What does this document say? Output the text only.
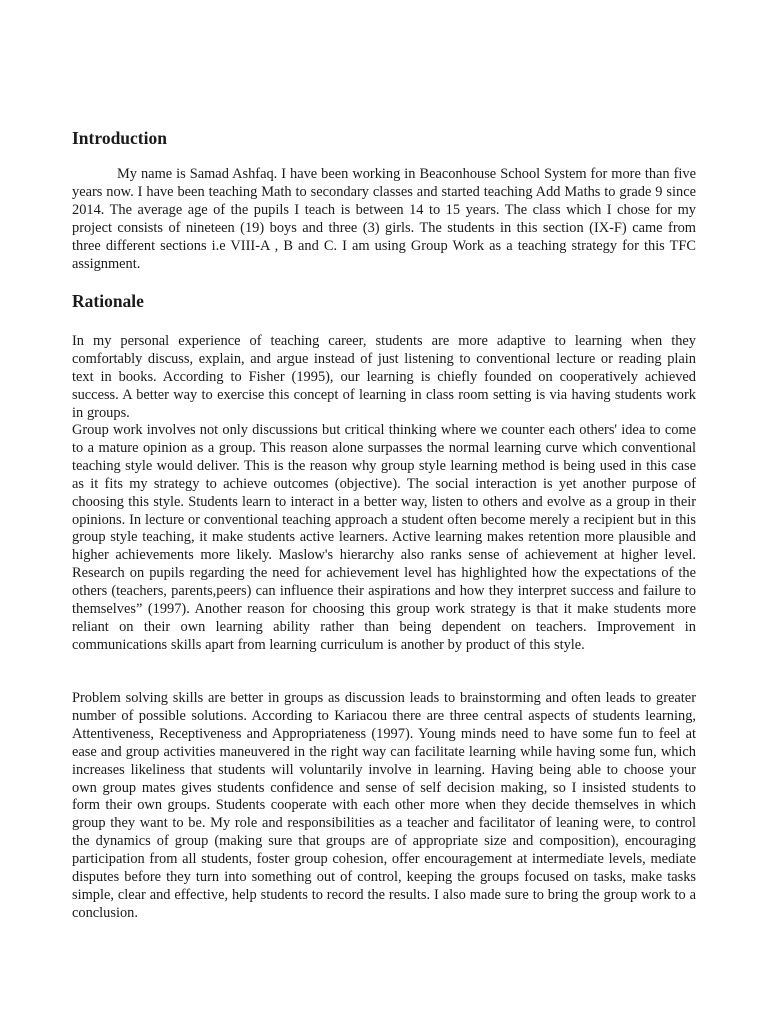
Introduction

My name is Samad Ashfaq. I have been working in Beaconhouse School System for more than five years now. I have been teaching Math to secondary classes and started teaching Add Maths to grade 9 since 2014. The average age of the pupils I teach is between 14 to 15 years. The class which I chose for my project consists of nineteen (19) boys and three (3) girls. The students in this section (IX-F) came from three different sections i.e VIII-A , B and C. I am using Group Work as a teaching strategy for this TFC assignment.

Rationale

In my personal experience of teaching career, students are more adaptive to learning when they comfortably discuss, explain, and argue instead of just listening to conventional lecture or reading plain text in books. According to Fisher (1995), our learning is chiefly founded on cooperatively achieved success. A better way to exercise this concept of learning in class room setting is via having students work in groups.

Group work involves not only discussions but critical thinking where we counter each others' idea to come to a mature opinion as a group. This reason alone surpasses the normal learning curve which conventional teaching style would deliver. This is the reason why group style learning method is being used in this case as it fits my strategy to achieve outcomes (objective). The social interaction is yet another purpose of choosing this style. Students learn to interact in a better way, listen to others and evolve as a group in their opinions. In lecture or conventional teaching approach a student often become merely a recipient but in this group style teaching, it make students active learners. Active learning makes retention more plausible and higher achievements more likely. Maslow's hierarchy also ranks sense of achievement at higher level. Research on pupils regarding the need for achievement level has highlighted how the expectations of the others (teachers, parents,peers) can influence their aspirations and how they interpret success and failure to themselves” (1997). Another reason for choosing this group work strategy is that it make students more reliant on their own learning ability rather than being dependent on teachers. Improvement in communications skills apart from learning curriculum is another by product of this style.

Problem solving skills are better in groups as discussion leads to brainstorming and often leads to greater number of possible solutions. According to Kariacou there are three central aspects of students learning, Attentiveness, Receptiveness and Appropriateness (1997). Young minds need to have some fun to feel at ease and group activities maneuvered in the right way can facilitate learning while having some fun, which increases likeliness that students will voluntarily involve in learning. Having being able to choose your own group mates gives students confidence and sense of self decision making, so I insisted students to form their own groups. Students cooperate with each other more when they decide themselves in which group they want to be. My role and responsibilities as a teacher and facilitator of leaning were, to control the dynamics of group (making sure that groups are of appropriate size and composition), encouraging participation from all students, foster group cohesion, offer encouragement at intermediate levels, mediate disputes before they turn into something out of control, keeping the groups focused on tasks, make tasks simple, clear and effective, help students to record the results. I also made sure to bring the group work to a conclusion.
